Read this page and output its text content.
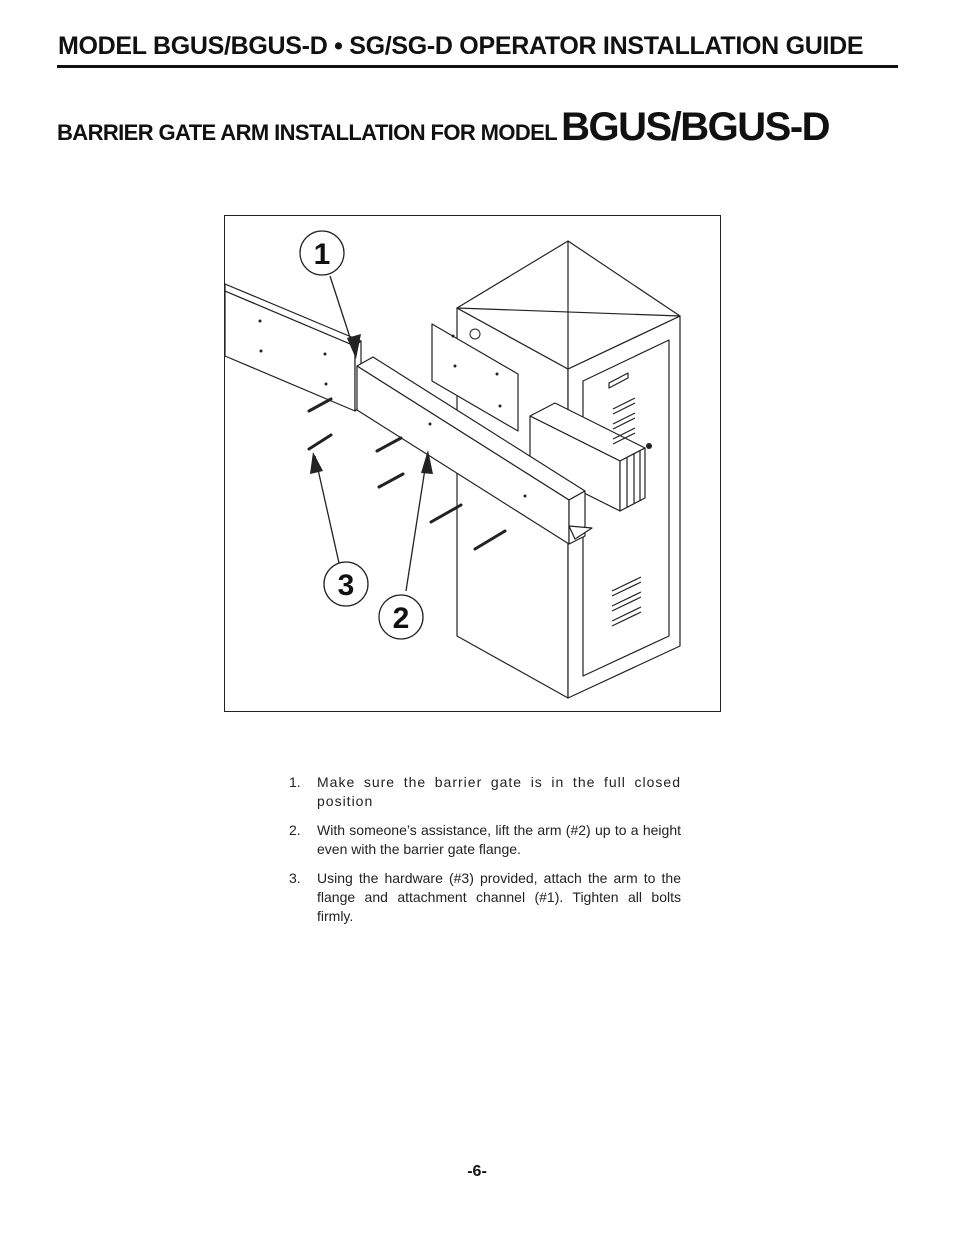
MODEL BGUS/BGUS-D • SG/SG-D OPERATOR INSTALLATION GUIDE
BARRIER GATE ARM INSTALLATION FOR MODEL BGUS/BGUS-D
1
3
2
1.	Make sure the barrier gate is in the full closed position
2.	With someone’s assistance, lift the arm (#2) up to a height even with the barrier gate flange.
3.	Using the hardware (#3) provided, attach the arm to the flange and attachment channel (#1). Tighten all bolts firmly.
-6-
